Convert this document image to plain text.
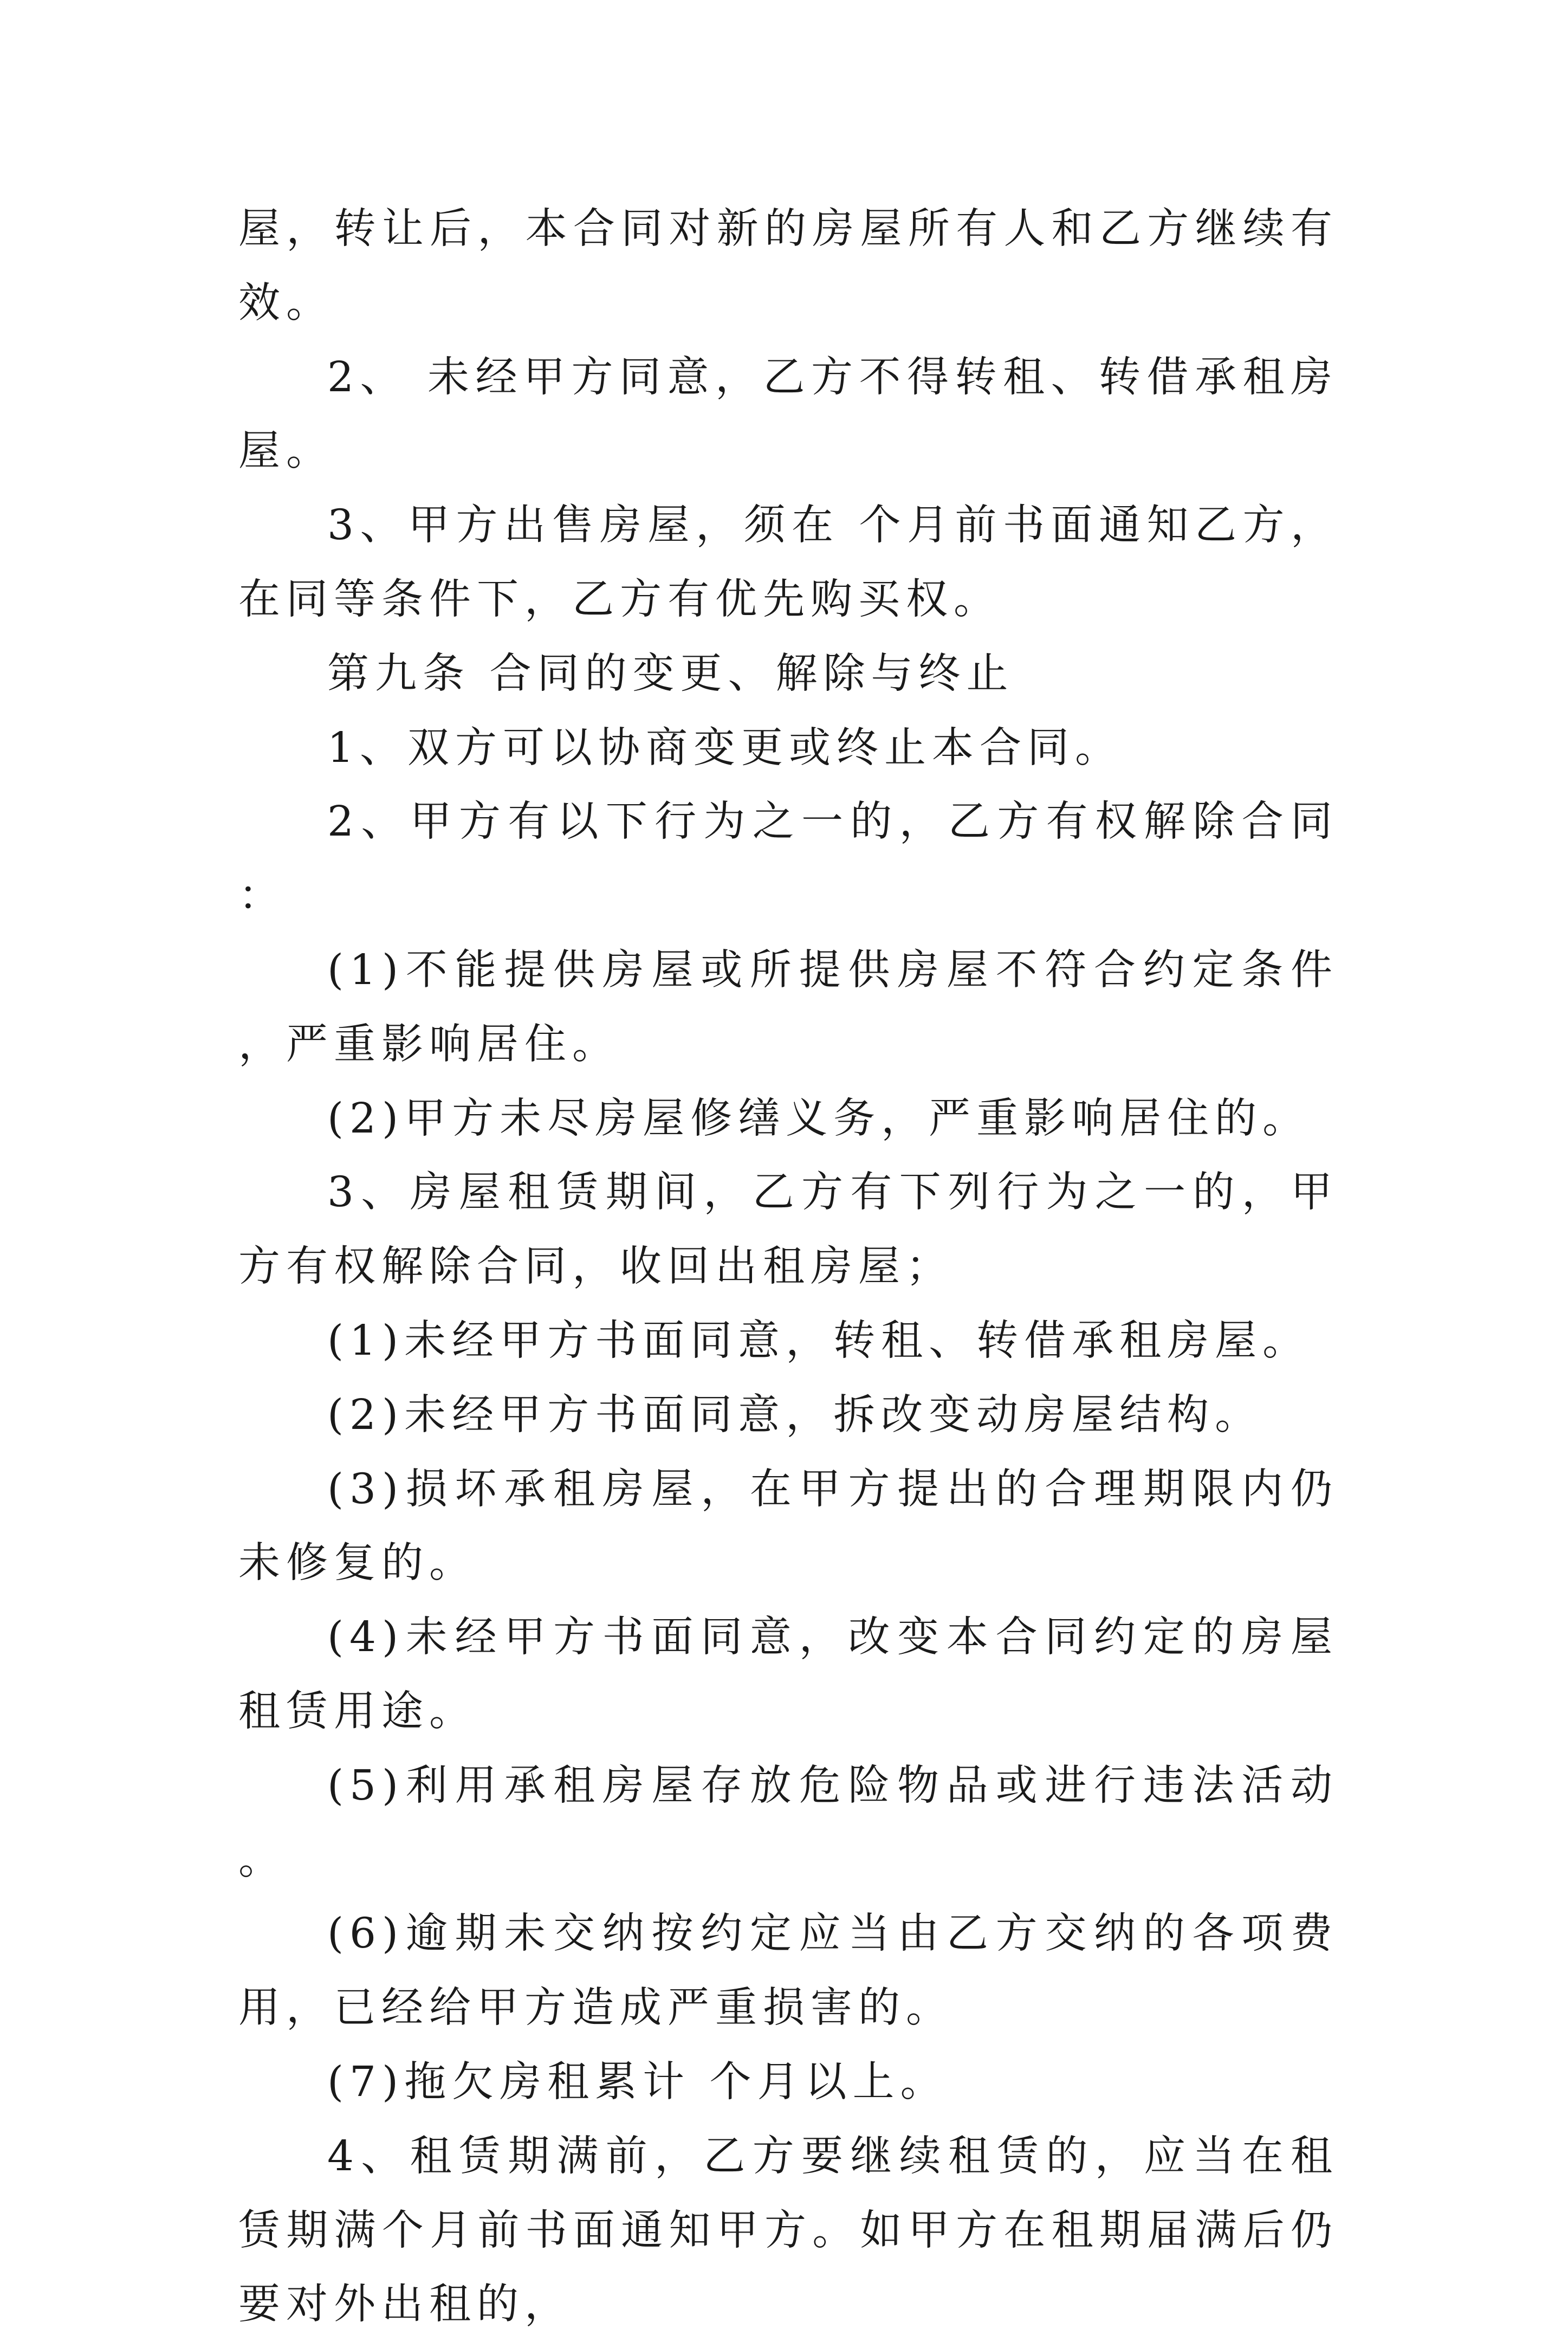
屋，转让后，本合同对新的房屋所有人和乙方继续有效。

2、 未经甲方同意，乙方不得转租、转借承租房屋。

3、甲方出售房屋，须在 个月前书面通知乙方，在同等条件下，乙方有优先购买权。

第九条 合同的变更、解除与终止

1、双方可以协商变更或终止本合同。

2、甲方有以下行为之一的，乙方有权解除合同：

(1)不能提供房屋或所提供房屋不符合约定条件，严重影响居住。

(2)甲方未尽房屋修缮义务，严重影响居住的。

3、房屋租赁期间，乙方有下列行为之一的，甲方有权解除合同，收回出租房屋；

(1)未经甲方书面同意，转租、转借承租房屋。

(2)未经甲方书面同意，拆改变动房屋结构。

(3)损坏承租房屋，在甲方提出的合理期限内仍未修复的。

(4)未经甲方书面同意，改变本合同约定的房屋租赁用途。

(5)利用承租房屋存放危险物品或进行违法活动。

(6)逾期未交纳按约定应当由乙方交纳的各项费用，已经给甲方造成严重损害的。

(7)拖欠房租累计 个月以上。

4、租赁期满前，乙方要继续租赁的，应当在租赁期满个月前书面通知甲方。如甲方在租期届满后仍要对外出租的，
